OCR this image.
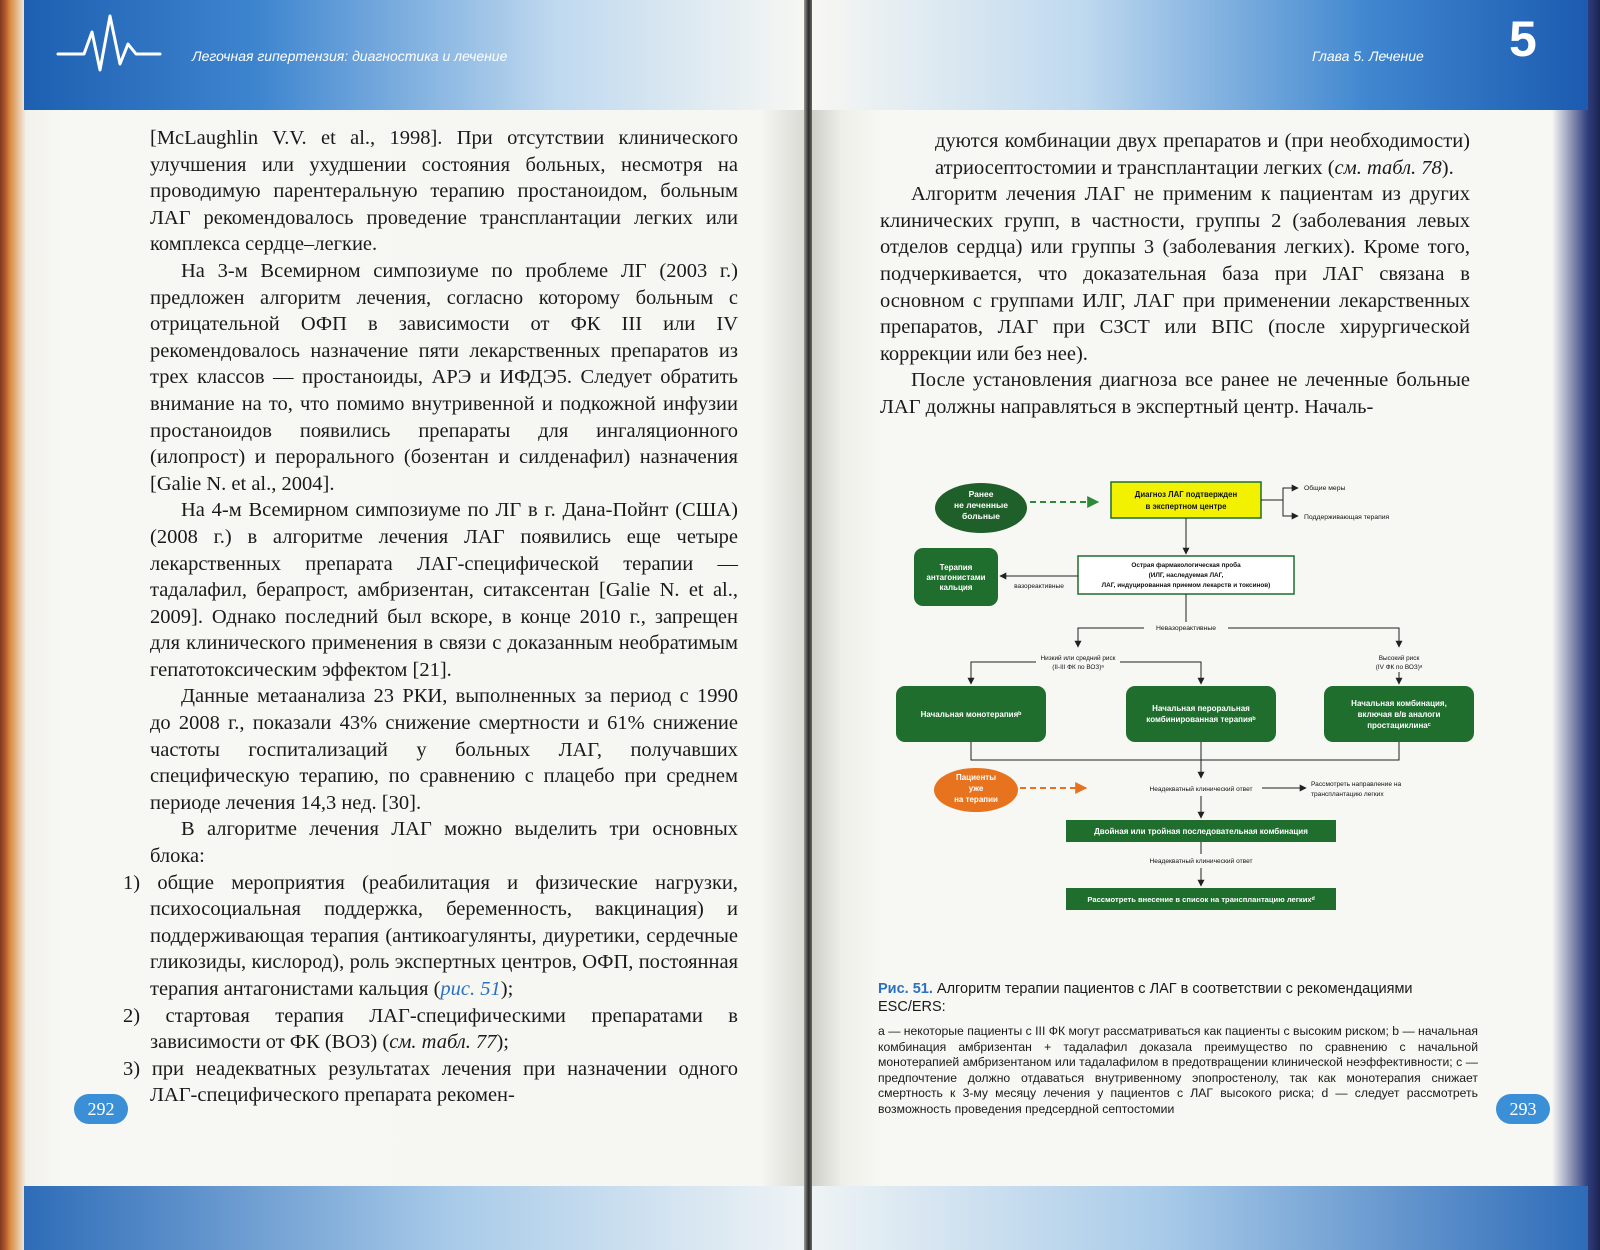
Легочная гипертензия: диагностика и лечение

[McLaughlin V.V. et al., 1998]. При отсутствии клинического улучшения или ухудшении состояния больных, несмотря на проводимую парентеральную терапию простаноидом, больным ЛАГ рекомендовалось проведение трансплантации легких или комплекса сердце–легкие.

На 3-м Всемирном симпозиуме по проблеме ЛГ (2003 г.) предложен алгоритм лечения, согласно которому больным с отрицательной ОФП в зависимости от ФК III или IV рекомендовалось назначение пяти лекарственных препаратов из трех классов — простаноиды, АРЭ и ИФДЭ5. Следует обратить внимание на то, что помимо внутривенной и подкожной инфузии простаноидов появились препараты для ингаляционного (илопрост) и перорального (бозентан и силденафил) назначения [Galie N. et al., 2004].

На 4-м Всемирном симпозиуме по ЛГ в г. Дана-Пойнт (США) (2008 г.) в алгоритме лечения ЛАГ появились еще четыре лекарственных препарата ЛАГ-специфической терапии — тадалафил, берапрост, амбризентан, ситаксентан [Galie N. et al., 2009]. Однако последний был вскоре, в конце 2010 г., запрещен для клинического применения в связи с доказанным необратимым гепатотоксическим эффектом [21].

Данные метаанализа 23 РКИ, выполненных за период с 1990 до 2008 г., показали 43% снижение смертности и 61% снижение частоты госпитализаций у больных ЛАГ, получавших специфическую терапию, по сравнению с плацебо при среднем периоде лечения 14,3 нед. [30].

В алгоритме лечения ЛАГ можно выделить три основных блока:

1) общие мероприятия (реабилитация и физические нагрузки, психосоциальная поддержка, беременность, вакцинация) и поддерживающая терапия (антикоагулянты, диуретики, сердечные гликозиды, кислород), роль экспертных центров, ОФП, постоянная терапия антагонистами кальция (рис. 51);

2) стартовая терапия ЛАГ-специфическими препаратами в зависимости от ФК (ВОЗ) (см. табл. 77);

3) при неадекватных результатах лечения при назначении одного ЛАГ-специфического препарата рекомен-

292
Глава 5. Лечение 5

дуются комбинации двух препаратов и (при необходимости) атриосептостомии и трансплантации легких (см. табл. 78).

Алгоритм лечения ЛАГ не применим к пациентам из других клинических групп, в частности, группы 2 (заболевания левых отделов сердца) или группы 3 (заболевания легких). Кроме того, подчеркивается, что доказательная база при ЛАГ связана в основном с группами ИЛГ, ЛАГ при применении лекарственных препаратов, ЛАГ при СЗСТ или ВПС (после хирургической коррекции или без нее).

После установления диагноза все ранее не леченные больные ЛАГ должны направляться в экспертный центр. Началь-

Ранее
не леченные
больные
Диагноз ЛАГ подтвержден
в экспертном центре
Общие меры
Поддерживающая терапия
Острая фармакологическая проба
(ИЛГ, наследуемая ЛАГ,
ЛАГ, индуцированная приемом лекарств и токсинов)
Терапия
антагонистами
кальция	вазореактивные
Невазореактивные
Низкий или средний риск
(II-III ФК по ВОЗ)ᵃ
Высокий риск
(IV ФК по ВОЗ)ᵃ
Начальная монотерапияᵇ
Начальная пероральная
комбинированная терапияᵇ
Начальная комбинация,
включая в/в аналоги
простациклинаᶜ
Пациенты
уже
на терапии
Неадекватный клинический ответ
Рассмотреть направление на
трансплантацию легких
Двойная или тройная последовательная комбинация
Неадекватный клинический ответ
Рассмотреть внесение в список на трансплантацию легкихᵈ
Рис. 51. Алгоритм терапии пациентов с ЛАГ в соответствии с рекомендациями ESC/ERS:
a — некоторые пациенты с III ФК могут рассматриваться как пациенты с высоким риском; b — начальная комбинация амбризентан + тадалафил доказала преимущество по сравнению с начальной монотерапией амбризентаном или тадалафилом в предотвращении клинической неэффективности; c — предпочтение должно отдаваться внутривенному эпопростенолу, так как монотерапия снижает смертность к 3-му месяцу лечения у пациентов с ЛАГ высокого риска; d — следует рассмотреть возможность проведения предсердной септостомии	293
